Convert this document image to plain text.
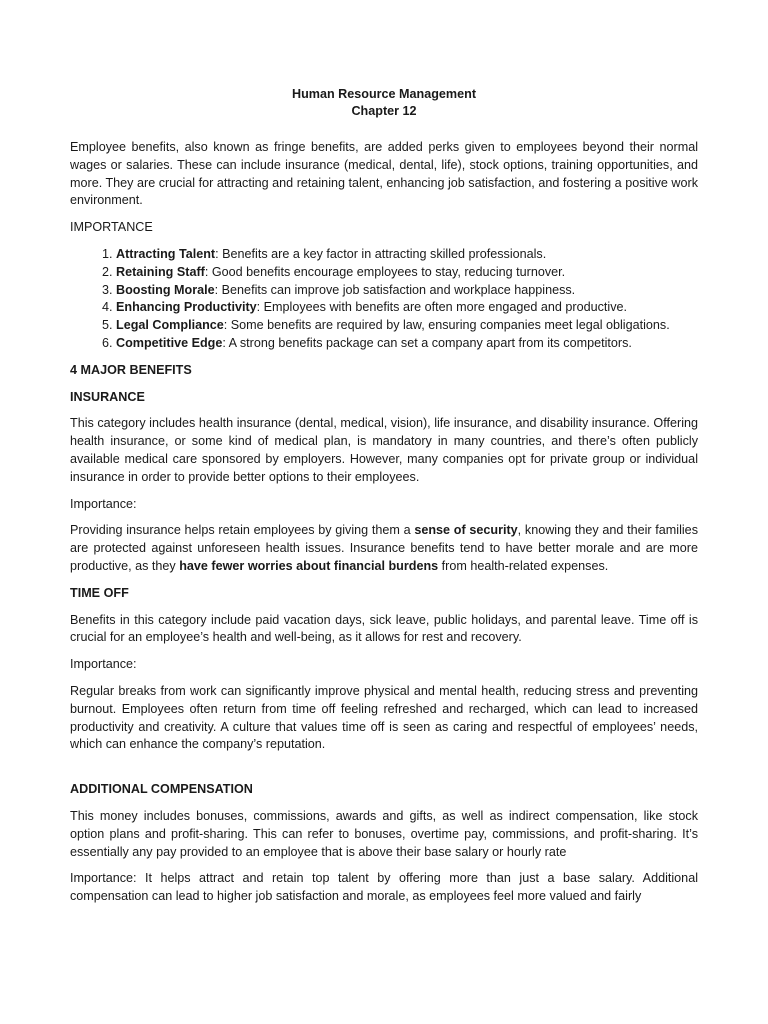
Human Resource Management
Chapter 12

Employee benefits, also known as fringe benefits, are added perks given to employees beyond their normal wages or salaries. These can include insurance (medical, dental, life), stock options, training opportunities, and more. They are crucial for attracting and retaining talent, enhancing job satisfaction, and fostering a positive work environment.

IMPORTANCE
1. Attracting Talent: Benefits are a key factor in attracting skilled professionals.
2. Retaining Staff: Good benefits encourage employees to stay, reducing turnover.
3. Boosting Morale: Benefits can improve job satisfaction and workplace happiness.
4. Enhancing Productivity: Employees with benefits are often more engaged and productive.
5. Legal Compliance: Some benefits are required by law, ensuring companies meet legal obligations.
6. Competitive Edge: A strong benefits package can set a company apart from its competitors.
4 MAJOR BENEFITS
INSURANCE

This category includes health insurance (dental, medical, vision), life insurance, and disability insurance. Offering health insurance, or some kind of medical plan, is mandatory in many countries, and there’s often publicly available medical care sponsored by employers. However, many companies opt for private group or individual insurance in order to provide better options to their employees.

Importance:

Providing insurance helps retain employees by giving them a sense of security, knowing they and their families are protected against unforeseen health issues. Insurance benefits tend to have better morale and are more productive, as they have fewer worries about financial burdens from health-related expenses.

TIME OFF

Benefits in this category include paid vacation days, sick leave, public holidays, and parental leave. Time off is crucial for an employee’s health and well-being, as it allows for rest and recovery.

Importance:

Regular breaks from work can significantly improve physical and mental health, reducing stress and preventing burnout. Employees often return from time off feeling refreshed and recharged, which can lead to increased productivity and creativity. A culture that values time off is seen as caring and respectful of employees’ needs, which can enhance the company’s reputation.

ADDITIONAL COMPENSATION

This money includes bonuses, commissions, awards and gifts, as well as indirect compensation, like stock option plans and profit-sharing. This can refer to bonuses, overtime pay, commissions, and profit-sharing. It’s essentially any pay provided to an employee that is above their base salary or hourly rate

Importance: It helps attract and retain top talent by offering more than just a base salary. Additional compensation can lead to higher job satisfaction and morale, as employees feel more valued and fairly
